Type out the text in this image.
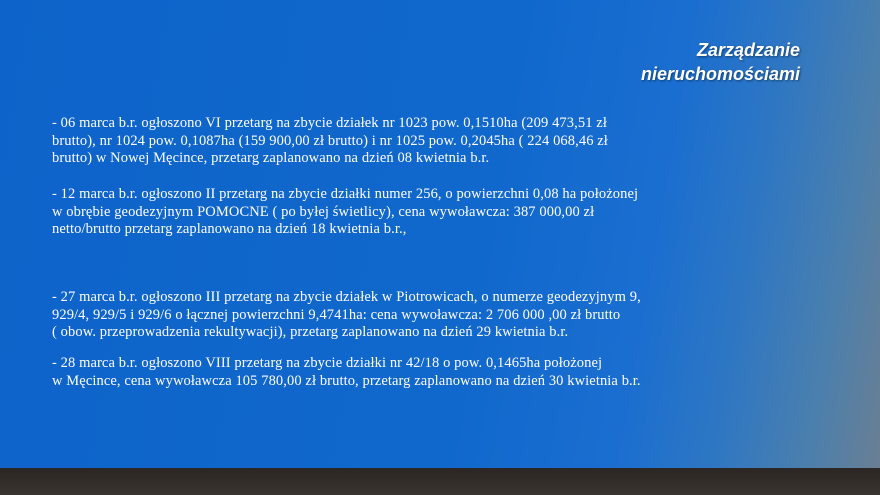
Zarządzanie
nieruchomościami

- 06 marca b.r. ogłoszono VI przetarg na zbycie działek nr 1023 pow. 0,1510ha (209 473,51 zł
brutto), nr 1024 pow. 0,1087ha (159 900,00 zł brutto) i nr 1025 pow. 0,2045ha ( 224 068,46 zł
brutto) w Nowej Męcince, przetarg zaplanowano na dzień 08 kwietnia b.r.

- 12 marca b.r. ogłoszono II przetarg na zbycie działki numer 256, o powierzchni 0,08 ha położonej
w obrębie geodezyjnym POMOCNE ( po byłej świetlicy), cena wywoławcza: 387 000,00 zł
netto/brutto przetarg zaplanowano na dzień 18 kwietnia b.r.,

- 27 marca b.r. ogłoszono III przetarg na zbycie działek w Piotrowicach, o numerze geodezyjnym 9,
929/4, 929/5 i 929/6 o łącznej powierzchni 9,4741ha: cena wywoławcza: 2 706 000 ,00 zł brutto
( obow. przeprowadzenia rekultywacji), przetarg zaplanowano na dzień 29 kwietnia b.r.

- 28 marca b.r. ogłoszono VIII przetarg na zbycie działki nr 42/18 o pow. 0,1465ha położonej
w Męcince, cena wywoławcza 105 780,00 zł brutto, przetarg zaplanowano na dzień 30 kwietnia b.r.
